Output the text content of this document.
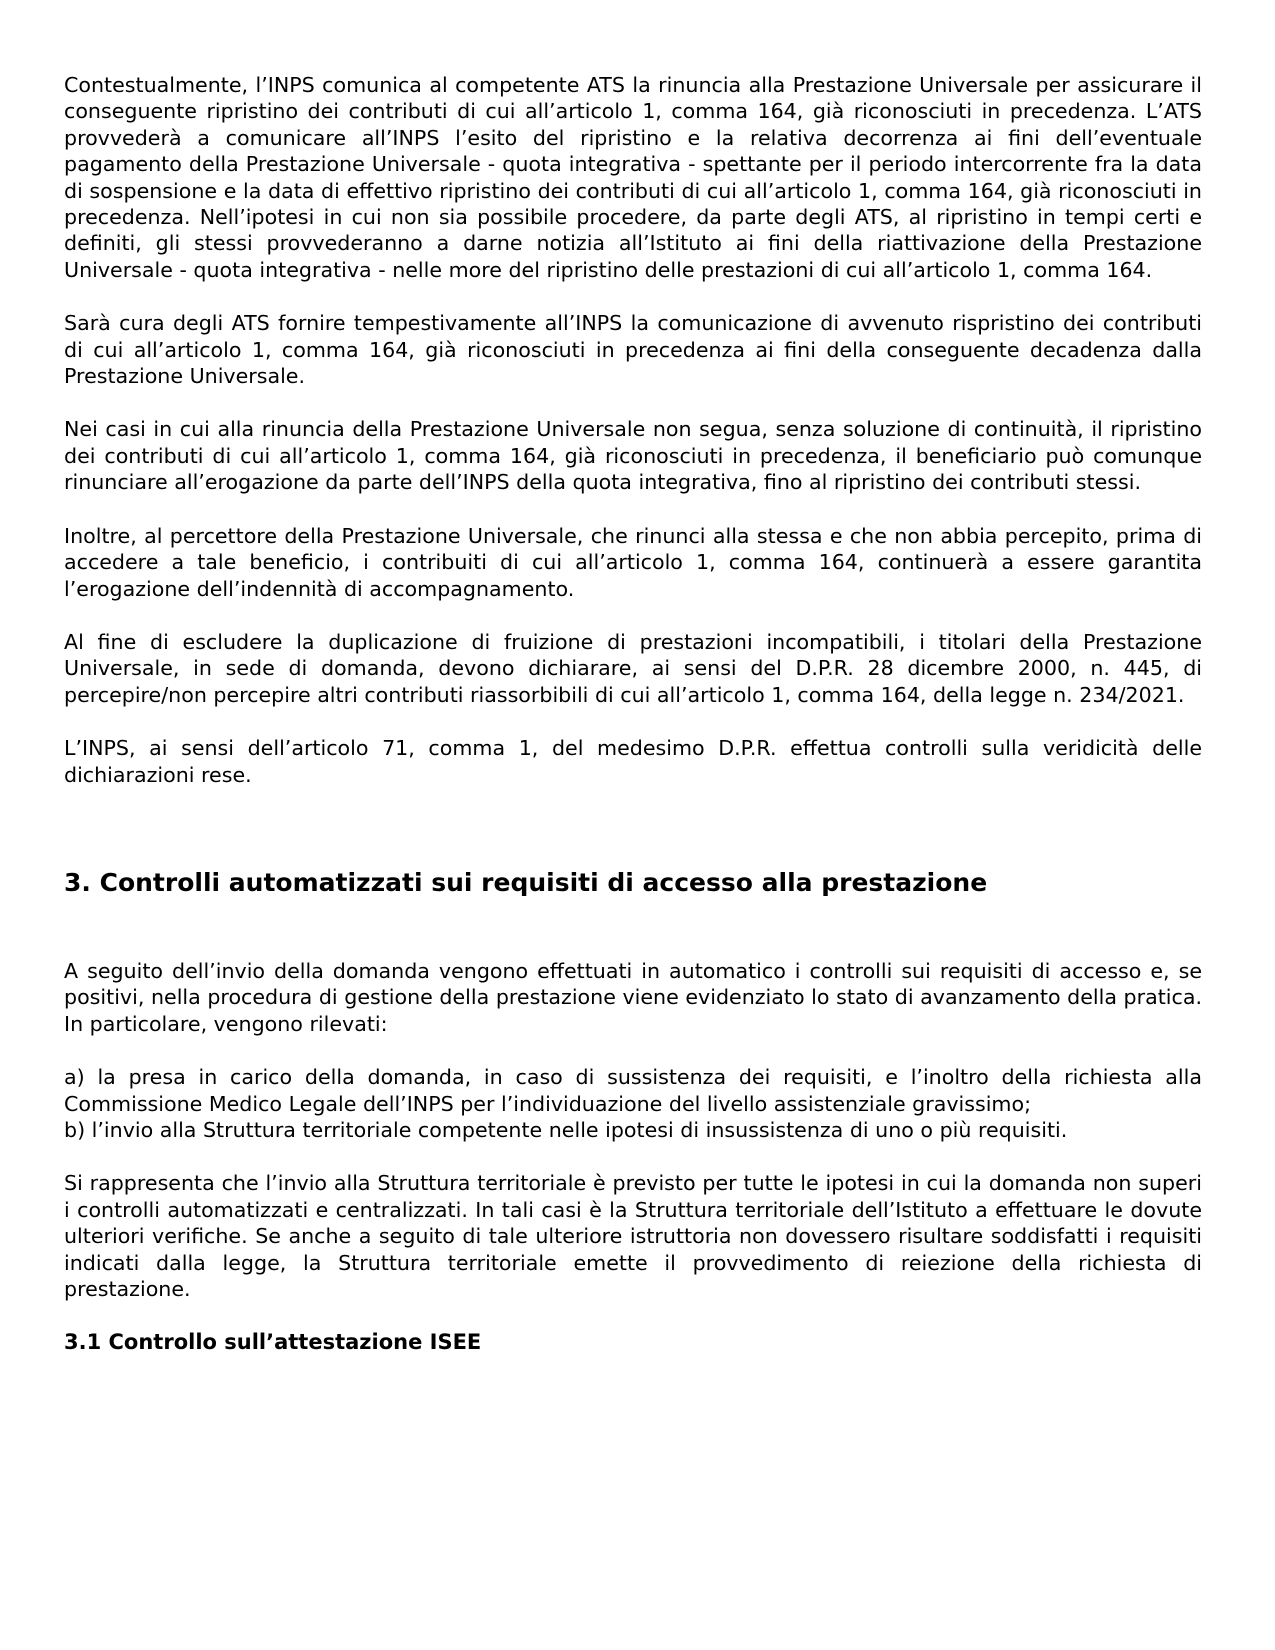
Contestualmente, l’INPS comunica al competente ATS la rinuncia alla Prestazione Universale per assicurare il conseguente ripristino dei contributi di cui all’articolo 1, comma 164, già riconosciuti in precedenza. L’ATS provvederà a comunicare all’INPS l’esito del ripristino e la relativa decorrenza ai fini dell’eventuale pagamento della Prestazione Universale - quota integrativa - spettante per il periodo intercorrente fra la data di sospensione e la data di effettivo ripristino dei contributi di cui all’articolo 1, comma 164, già riconosciuti in precedenza. Nell’ipotesi in cui non sia possibile procedere, da parte degli ATS, al ripristino in tempi certi e definiti, gli stessi provvederanno a darne notizia all’Istituto ai fini della riattivazione della Prestazione Universale - quota integrativa - nelle more del ripristino delle prestazioni di cui all’articolo 1, comma 164.

Sarà cura degli ATS fornire tempestivamente all’INPS la comunicazione di avvenuto rispristino dei contributi di cui all’articolo 1, comma 164, già riconosciuti in precedenza ai fini della conseguente decadenza dalla Prestazione Universale.

Nei casi in cui alla rinuncia della Prestazione Universale non segua, senza soluzione di continuità, il ripristino dei contributi di cui all’articolo 1, comma 164, già riconosciuti in precedenza, il beneficiario può comunque rinunciare all’erogazione da parte dell’INPS della quota integrativa, fino al ripristino dei contributi stessi.

Inoltre, al percettore della Prestazione Universale, che rinunci alla stessa e che non abbia percepito, prima di accedere a tale beneficio, i contribuiti di cui all’articolo 1, comma 164, continuerà a essere garantita l’erogazione dell’indennità di accompagnamento.

Al fine di escludere la duplicazione di fruizione di prestazioni incompatibili, i titolari della Prestazione Universale, in sede di domanda, devono dichiarare, ai sensi del D.P.R. 28 dicembre 2000, n. 445, di percepire/non percepire altri contributi riassorbibili di cui all’articolo 1, comma 164, della legge n. 234/2021.

L’INPS, ai sensi dell’articolo 71, comma 1, del medesimo D.P.R. effettua controlli sulla veridicità delle dichiarazioni rese.

3. Controlli automatizzati sui requisiti di accesso alla prestazione

A seguito dell’invio della domanda vengono effettuati in automatico i controlli sui requisiti di accesso e, se positivi, nella procedura di gestione della prestazione viene evidenziato lo stato di avanzamento della pratica. In particolare, vengono rilevati:

a) la presa in carico della domanda, in caso di sussistenza dei requisiti, e l’inoltro della richiesta alla Commissione Medico Legale dell’INPS per l’individuazione del livello assistenziale gravissimo;

b) l’invio alla Struttura territoriale competente nelle ipotesi di insussistenza di uno o più requisiti.

Si rappresenta che l’invio alla Struttura territoriale è previsto per tutte le ipotesi in cui la domanda non superi i controlli automatizzati e centralizzati. In tali casi è la Struttura territoriale dell’Istituto a effettuare le dovute ulteriori verifiche. Se anche a seguito di tale ulteriore istruttoria non dovessero risultare soddisfatti i requisiti indicati dalla legge, la Struttura territoriale emette il provvedimento di reiezione della richiesta di prestazione.

3.1 Controllo sull’attestazione ISEE
